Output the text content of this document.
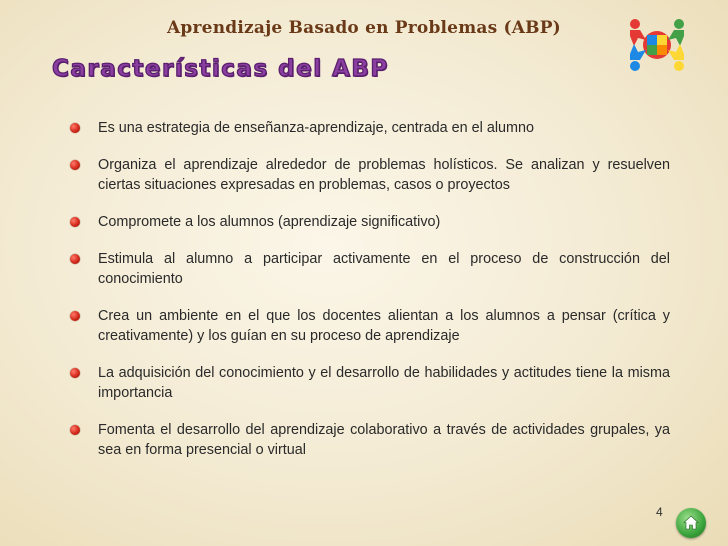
Aprendizaje Basado en Problemas (ABP)
Características del ABP
Es una estrategia de enseñanza-aprendizaje, centrada en el alumno
Organiza el aprendizaje alrededor de problemas holísticos. Se analizan y resuelven ciertas situaciones expresadas en problemas, casos o proyectos
Compromete a los alumnos (aprendizaje significativo)
Estimula al alumno a participar activamente en el proceso de construcción del conocimiento
Crea un ambiente en el que los docentes alientan a los alumnos a pensar (crítica y creativamente) y los guían en su proceso de aprendizaje
La adquisición del conocimiento y el desarrollo de habilidades y actitudes tiene la misma importancia
Fomenta el desarrollo del aprendizaje colaborativo a través de actividades grupales, ya sea en forma presencial o virtual
4
